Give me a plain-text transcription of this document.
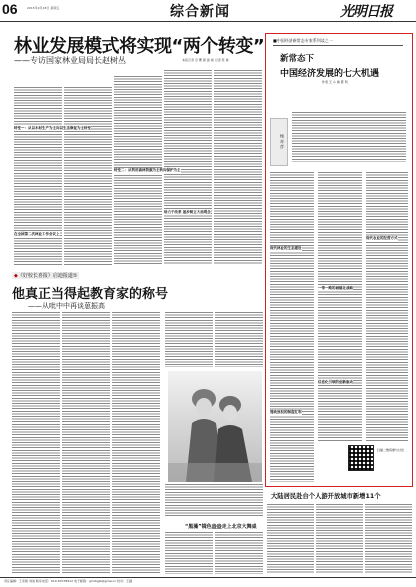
06	2015年9月18日 星期五	综合新闻	光明日报
林业发展模式将实现“两个转变”
——专访国家林业局局长赵树丛	本报记者 章 鹰 颜 振 楼 记者 陈 晨
转变一：从以木材生产为主向以生态修复为主转变
在全国第二次林业工作会议上
转变二：从利用森林资源为主转向保护为主
给力于改革 逐步树立大局观念
■中国经济新常态专家系列谈之一
新常态下
中国经济发展的七大机遇
作者 王 小 鲁 陈 利
杨 奇 彦
现代林业的生态建设
一带一路的城镇化战略
现代农业的经营方式
信息化引领的创新驱动
简政放权的制度红利
扫描二维码参与讨论
大陆居民赴台个人游开放城市新增11个
◆《好校长喜报》启迪报道①
他真正当得起教育家的称号
——从吡中中再谈葸振高
“黑藻”镜色盎盎走上北京大舞桌
责任编辑：王家敏 刘旭 联系电话：010-67078912 电子邮箱：gmrbgjb@gmw.cn 校对：王越
